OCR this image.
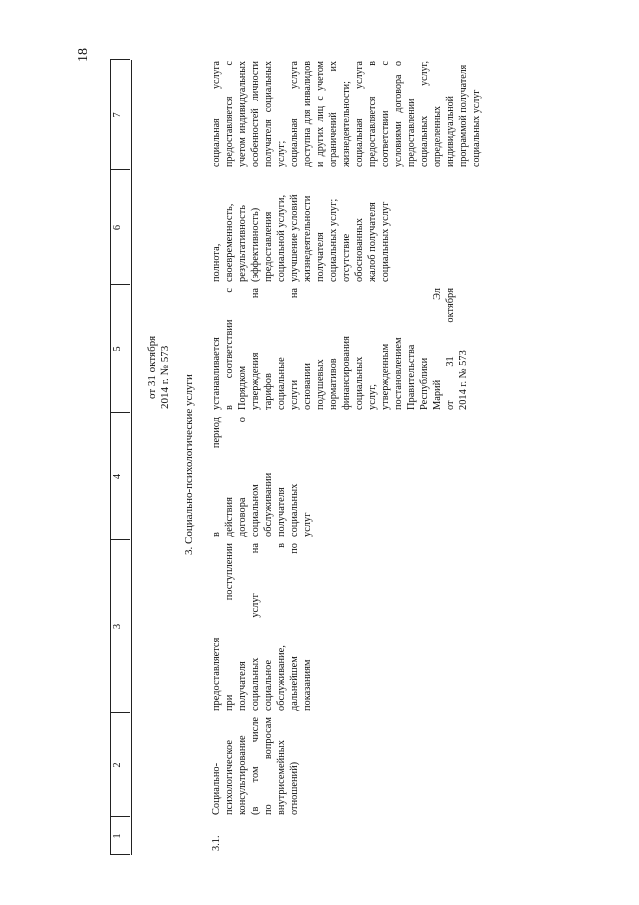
18
1
2
3
4
5
6
7

от 31 октября 2014 г. № 573 3. Социально-психологические услуги
3.1.

Социально- психологическое консультирование (в том числе по вопросам внутрисемейных отношений)

предоставляется при поступлении получателя социальных услуг на социальное обслуживание,
в

дальнейшем
по

показаниям

в период действия договора о социальном обслуживании получателя социальных услуг

устанавливается в соответствии с Порядком утверждения на тарифов социальные услуги на основании подушевых нормативов финансирования социальных услуг, утвержденным постановлением Правительства Республики Марий Эл от 31 октября 2014 г. № 573

полнота, своевременность, результативность (эффективность) предоставления социальной услуги, улучшение условий жизнедеятельности получателя социальных услуг; отсутствие обоснованных жалоб получателя социальных услуг

социальная услуга предоставляется с учетом индивидуальных особенностей личности получателя социальных услуг; социальная услуга доступна для инвалидов и других лиц с учетом ограничений их жизнедеятельности; социальная услуга предоставляется в соответствии с условиями договора о предоставлении социальных услуг, определенных индивидуальной программой получателя социальных услуг
